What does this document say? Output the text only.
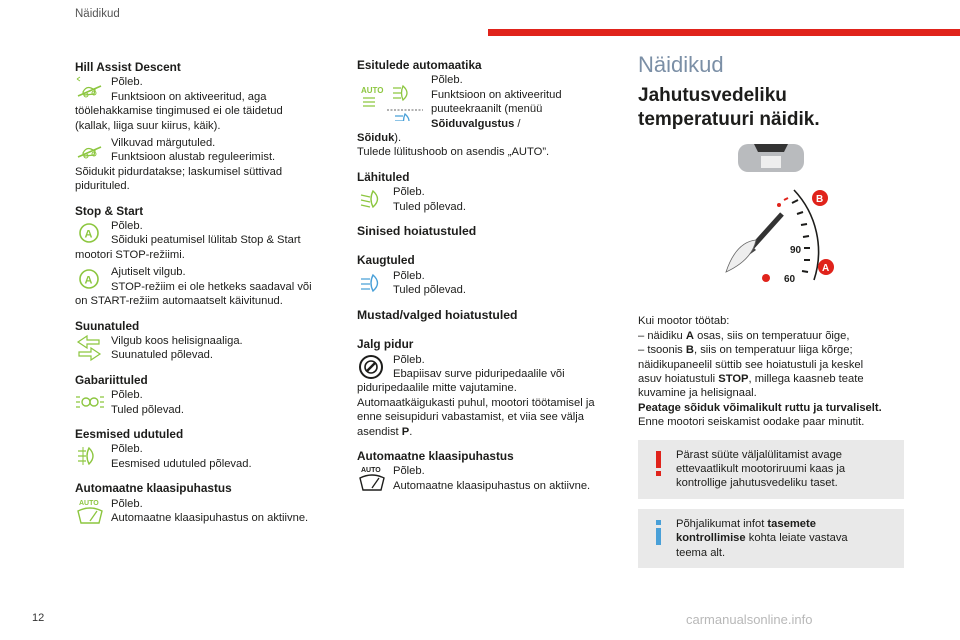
Näidikud
Hill Assist Descent

Põleb.

Funktsioon on aktiveeritud, aga

töölehakkamise tingimused ei ole täidetud

(kallak, liiga suur kiirus, käik).

Vilkuvad märgutuled.

Funktsioon alustab reguleerimist.

Sõidukit pidurdatakse; laskumisel süttivad

pidurituled.

Stop & Start
A

Põleb.

Sõiduki peatumisel lülitab Stop & Start

mootori STOP-režiimi.

A

Ajutiselt vilgub.

STOP-režiim ei ole hetkeks saadaval või

on START-režiim automaatselt käivitunud.

Suunatuled

Vilgub koos helisignaaliga.

Suunatuled põlevad.

Gabariittuled

Põleb.

Tuled põlevad.

Eesmised udutuled

Põleb.

Eesmised udutuled põlevad.

Automaatne klaasipuhastus
AUTO	Põleb.

Automaatne klaasipuhastus on aktiivne.

Esitulede automaatika
AUTO

Põleb.

Funktsioon on aktiveeritud

puuteekraanilt (menüü Sõiduvalgustus /

Sõiduk).

Tulede lülitushoob on asendis „AUTO”.

Lähituled

Põleb.

Tuled põlevad.

Sinised hoiatustuled
Kaugtuled

Põleb.

Tuled põlevad.

Mustad/valged hoiatustuled
Jalg pidur

Põleb.

Ebapiisav surve piduripedaalile või

piduripedaalile mitte vajutamine.

Automaatkäigukasti puhul, mootori töötamisel ja

enne seisupiduri vabastamist, et viia see välja

asendist P.

Automaatne klaasipuhastus
AUTO	Põleb.

Automaatne klaasipuhastus on aktiivne.

Näidikud
Jahutusvedeliku
temperatuuri näidik.
90
60
B
A

Kui mootor töötab:

– näidiku A osas, siis on temperatuur õige,

– tsoonis B, siis on temperatuur liiga kõrge;

näidikupaneelil süttib see hoiatustuli ja keskel

asuv hoiatustuli STOP, millega kaasneb teate

kuvamine ja helisignaal.

Peatage sõiduk võimalikult ruttu ja turvaliselt.

Enne mootori seiskamist oodake paar minutit.

Pärast süüte väljalülitamist avage

ettevaatlikult mootoriruumi kaas ja

kontrollige jahutusvedeliku taset.

Põhjalikumat infot tasemete

kontrollimise kohta leiate vastava

teema alt.

12	carmanualsonline.info
